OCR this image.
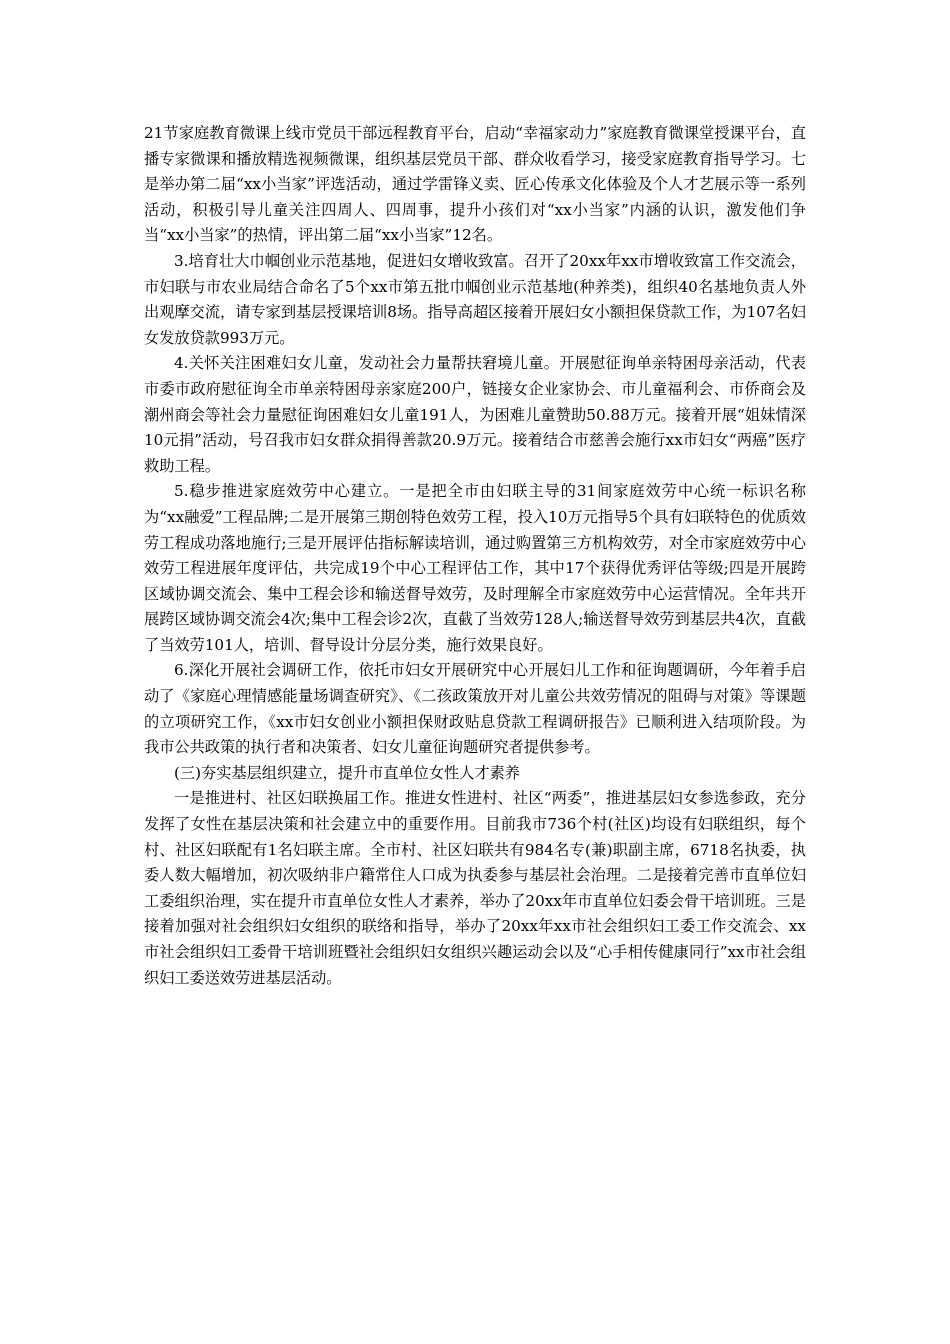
21节家庭教育微课上线市党员干部远程教育平台，启动“幸福家动力”家庭教育微课堂授课平台，直播专家微课和播放精选视频微课，组织基层党员干部、群众收看学习，接受家庭教育指导学习。七是举办第二届“xx小当家”评选活动，通过学雷锋义卖、匠心传承文化体验及个人才艺展示等一系列活动，积极引导儿童关注四周人、四周事，提升小孩们对“xx小当家”内涵的认识，激发他们争当“xx小当家”的热情，评出第二届“xx小当家”12名。

3.培育壮大巾帼创业示范基地，促进妇女增收致富。召开了20xx年xx市增收致富工作交流会，市妇联与市农业局结合命名了5个xx市第五批巾帼创业示范基地(种养类)，组织40名基地负责人外出观摩交流，请专家到基层授课培训8场。指导高超区接着开展妇女小额担保贷款工作，为107名妇女发放贷款993万元。

4.关怀关注困难妇女儿童，发动社会力量帮扶窘境儿童。开展慰征询单亲特困母亲活动，代表市委市政府慰征询全市单亲特困母亲家庭200户，链接女企业家协会、市儿童福利会、市侨商会及潮州商会等社会力量慰征询困难妇女儿童191人，为困难儿童赞助50.88万元。接着开展“姐妹情深10元捐”活动，号召我市妇女群众捐得善款20.9万元。接着结合市慈善会施行xx市妇女“两癌”医疗救助工程。

5.稳步推进家庭效劳中心建立。一是把全市由妇联主导的31间家庭效劳中心统一标识名称为“xx融爱”工程品牌;二是开展第三期创特色效劳工程，投入10万元指导5个具有妇联特色的优质效劳工程成功落地施行;三是开展评估指标解读培训，通过购置第三方机构效劳，对全市家庭效劳中心效劳工程进展年度评估，共完成19个中心工程评估工作，其中17个获得优秀评估等级;四是开展跨区域协调交流会、集中工程会诊和输送督导效劳，及时理解全市家庭效劳中心运营情况。全年共开展跨区域协调交流会4次;集中工程会诊2次，直截了当效劳128人;输送督导效劳到基层共4次，直截了当效劳101人，培训、督导设计分层分类，施行效果良好。

6.深化开展社会调研工作，依托市妇女开展研究中心开展妇儿工作和征询题调研，今年着手启动了《家庭心理情感能量场调查研究》、《二孩政策放开对儿童公共效劳情况的阻碍与对策》等课题的立项研究工作，《xx市妇女创业小额担保财政贴息贷款工程调研报告》已顺利进入结项阶段。为我市公共政策的执行者和决策者、妇女儿童征询题研究者提供参考。

(三)夯实基层组织建立，提升市直单位女性人才素养

一是推进村、社区妇联换届工作。推进女性进村、社区“两委”，推进基层妇女参选参政，充分发挥了女性在基层决策和社会建立中的重要作用。目前我市736个村(社区)均设有妇联组织，每个村、社区妇联配有1名妇联主席。全市村、社区妇联共有984名专(兼)职副主席，6718名执委，执委人数大幅增加，初次吸纳非户籍常住人口成为执委参与基层社会治理。二是接着完善市直单位妇工委组织治理，实在提升市直单位女性人才素养，举办了20xx年市直单位妇委会骨干培训班。三是接着加强对社会组织妇女组织的联络和指导，举办了20xx年xx市社会组织妇工委工作交流会、xx市社会组织妇工委骨干培训班暨社会组织妇女组织兴趣运动会以及“心手相传健康同行”xx市社会组织妇工委送效劳进基层活动。
